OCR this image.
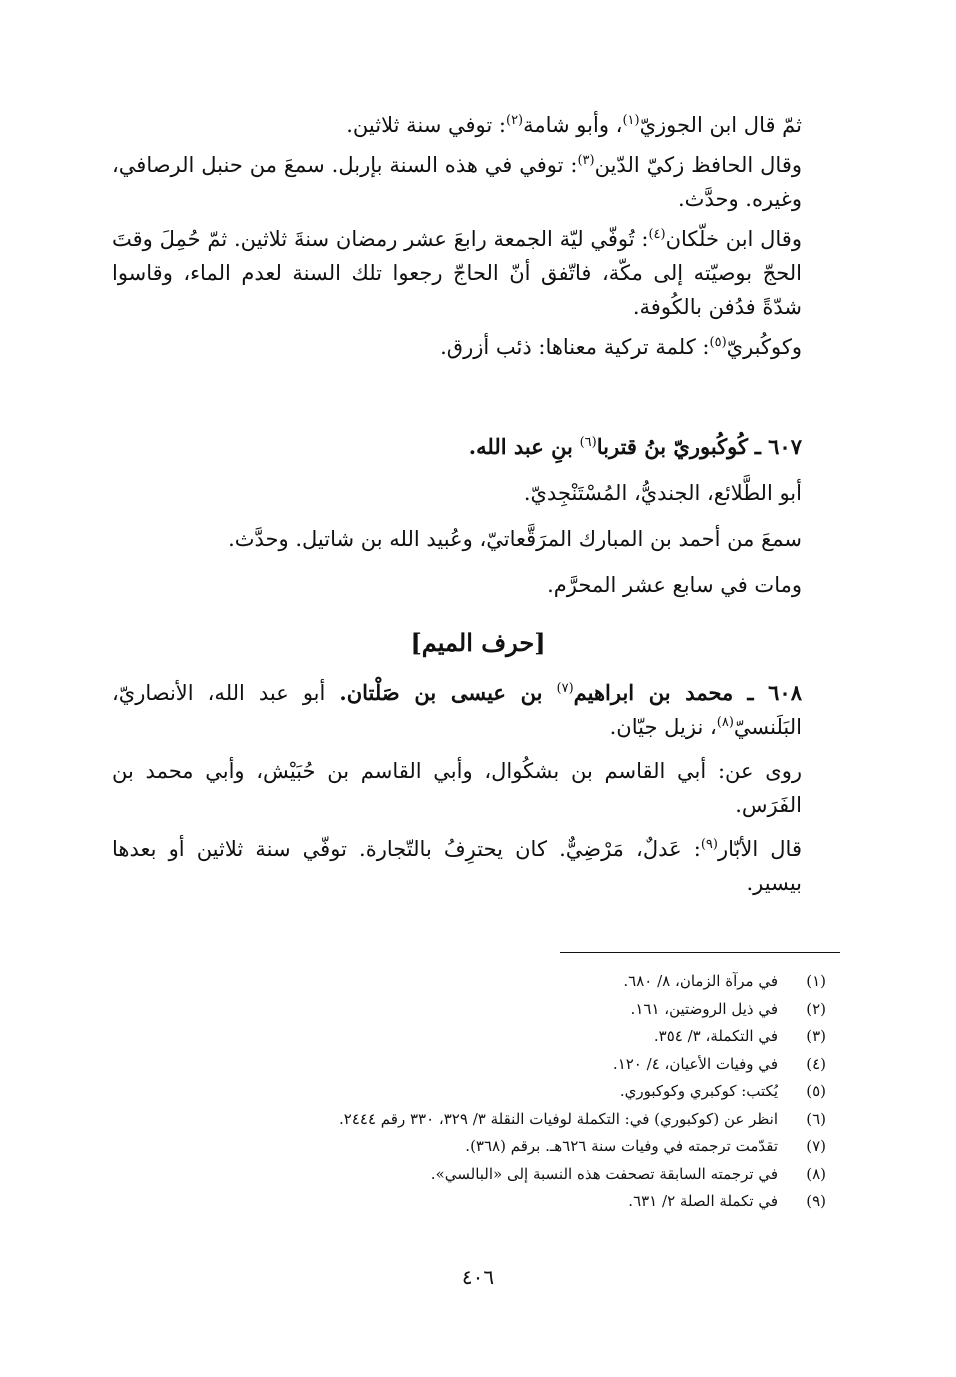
ثمّ قال ابن الجوزيّ$^{(١)}$، وأبو شامة$^{(٢)}$: توفي سنة ثلاثين.

وقال الحافظ زكيّ الدّين$^{(٣)}$: توفي في هذه السنة بإربل. سمعَ من حنبل الرصافي، وغيره. وحدَّث.

وقال ابن خلّكان$^{(٤)}$: تُوفّي ليّة الجمعة رابعَ عشر رمضان سنةَ ثلاثين. ثمّ حُمِلَ وقتَ الحجّ بوصيّته إلى مكّة، فاتّفق أنّ الحاجّ رجعوا تلك السنة لعدم الماء، وقاسوا شدّةً فدُفن بالكُوفة.

وكوكُبريّ$^{(٥)}$: كلمة تركية معناها: ذئب أزرق.

٦٠٧ ـ كُوكُبوريّ بنُ قتربا$^{(٦)}$ بنِ عبد الله.

أبو الطَّلائع، الجنديُّ، المُسْتَنْجِديّ.

سمعَ من أحمد بن المبارك المرَقَّعاتيّ، وعُبيد الله بن شاتيل. وحدَّث.

ومات في سابع عشر المحرَّم.

[حرف الميم]

٦٠٨ ـ محمد بن ابراهيم$^{(٧)}$ بن عيسى بن صَلْتان. أبو عبد الله، الأنصاريّ، البَلَنسيّ$^{(٨)}$، نزيل جيّان.

روى عن: أبي القاسم بن بشكُوال، وأبي القاسم بن حُبَيْش، وأبي محمد بن الفَرَس.

قال الأبّار$^{(٩)}$: عَدلٌ، مَرْضِيٌّ. كان يحترِفُ بالتّجارة. توفّي سنة ثلاثين أو بعدها بيسير.

(١)
في مرآة الزمان، ٨/ ٦٨٠.
(٢)
في ذيل الروضتين، ١٦١.
(٣)
في التكملة، ٣/ ٣٥٤.
(٤)
في وفيات الأعيان، ٤/ ١٢٠.
(٥)
يُكتب: كوكبري وكوكبوري.
(٦)
انظر عن (كوكبوري) في: التكملة لوفيات النقلة ٣/ ٣٢٩، ٣٣٠ رقم ٢٤٤٤.
(٧)
تقدّمت ترجمته في وفيات سنة ٦٢٦هـ. برقم (٣٦٨).
(٨)
في ترجمته السابقة تصحفت هذه النسبة إلى «البالسي».
(٩)
في تكملة الصلة ٢/ ٦٣١.
٤٠٦
